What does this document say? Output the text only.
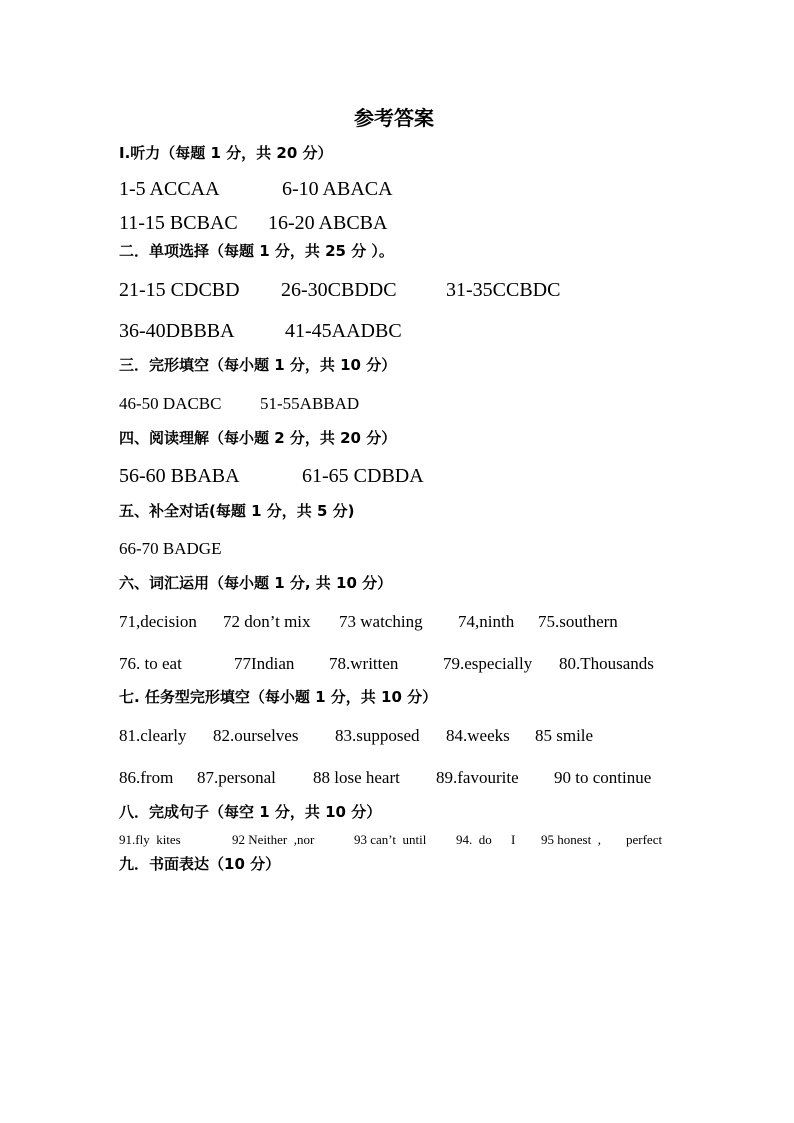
参考答案
I.听力（每题 1 分，共 20 分）
1-5 ACCAA	6-10 ABACA
11-15 BCBAC 16-20 ABCBA
二．单项选择（每题 1 分，共 25 分 ）。
21-15 CDCBD 26-30CBDDC 31-35CCBDC
36-40DBBBA	41-45AADBC
三．完形填空（每小题 1 分，共 10 分）
46-50 DACBC 51-55ABBAD
四、阅读理解（每小题 2 分，共 20 分）
56-60 BBABA	61-65 CDBDA
五、补全对话(每题 1 分，共 5 分)
66-70 BADGE
六、词汇运用（每小题 1 分, 共 10 分）
71,decision 72 don’t mix 73 watching 74,ninth 75.southern
76. to eat	77Indian 78.written	79.especially 80.Thousands
七. 任务型完形填空（每小题 1 分，共 10 分）
81.clearly 82.ourselves 83.supposed 84.weeks 85 smile
86.from 87.personal 88 lose heart 89.favourite 90 to continue
八．完成句子（每空 1 分，共 10 分）
91.fly  kites	92 Neither  ,nor	93 can’t  until 94.  do I 95 honest  , perfect
九．书面表达（10 分）
